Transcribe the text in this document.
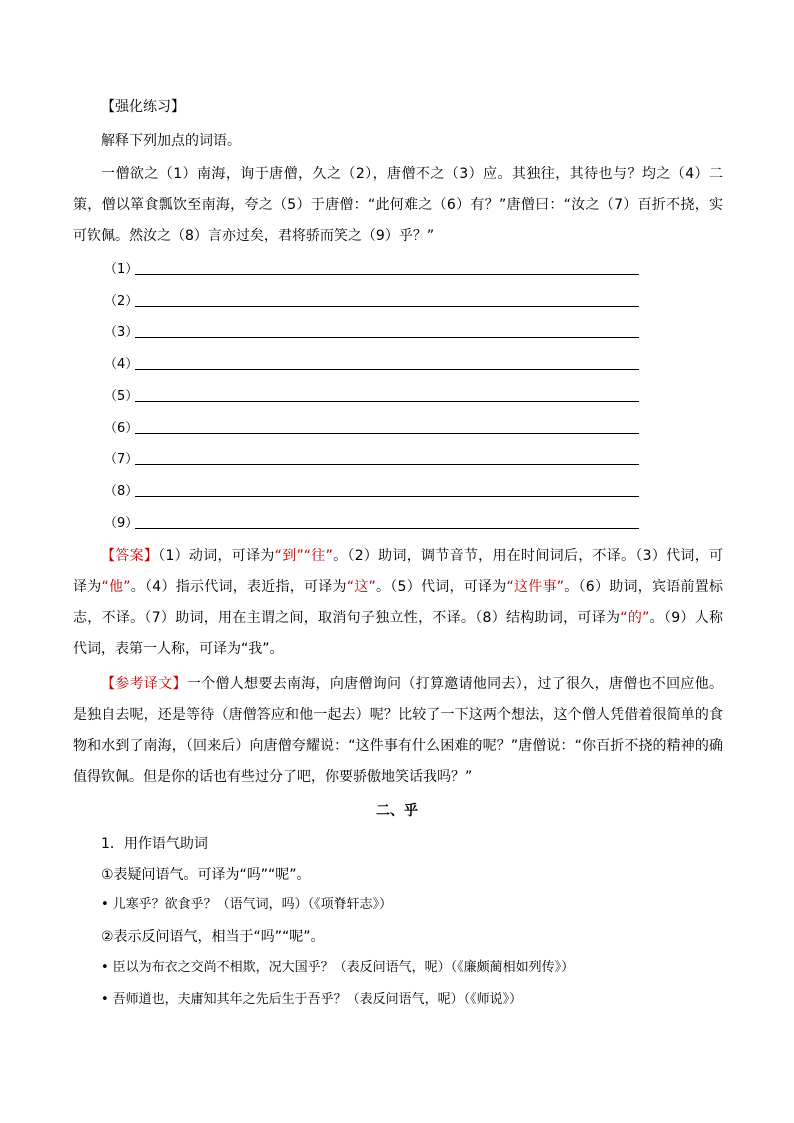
【强化练习】

解释下列加点的词语。

一僧欲之（1）南海，询于唐僧，久之（2），唐僧不之（3）应。其独往，其待也与？均之（4）二策，僧以箪食瓢饮至南海，夸之（5）于唐僧：“此何难之（6）有？”唐僧曰：“汝之（7）百折不挠，实可钦佩。然汝之（8）言亦过矣，君将骄而笑之（9）乎？”

（1）
（2）
（3）
（4）
（5）
（6）
（7）
（8）
（9）

【答案】（1）动词，可译为“到”“往”。（2）助词，调节音节，用在时间词后，不译。（3）代词，可译为“他”。（4）指示代词，表近指，可译为“这”。（5）代词，可译为“这件事”。（6）助词，宾语前置标志，不译。（7）助词，用在主谓之间，取消句子独立性，不译。（8）结构助词，可译为“的”。（9）人称代词，表第一人称，可译为“我”。

【参考译文】一个僧人想要去南海，向唐僧询问（打算邀请他同去），过了很久，唐僧也不回应他。是独自去呢，还是等待（唐僧答应和他一起去）呢？比较了一下这两个想法，这个僧人凭借着很简单的食物和水到了南海，（回来后）向唐僧夸耀说：“这件事有什么困难的呢？”唐僧说：“你百折不挠的精神的确值得钦佩。但是你的话也有些过分了吧，你要骄傲地笑话我吗？”

二、乎
1．用作语气助词
①表疑问语气。可译为“吗”“呢”。
• 儿寒乎？欲食乎？（语气词，吗）（《项脊轩志》）
②表示反问语气，相当于“吗”“呢”。
• 臣以为布衣之交尚不相欺，况大国乎？（表反问语气，呢）（《廉颇蔺相如列传》）
• 吾师道也，夫庸知其年之先后生于吾乎？（表反问语气，呢）（《师说》）
